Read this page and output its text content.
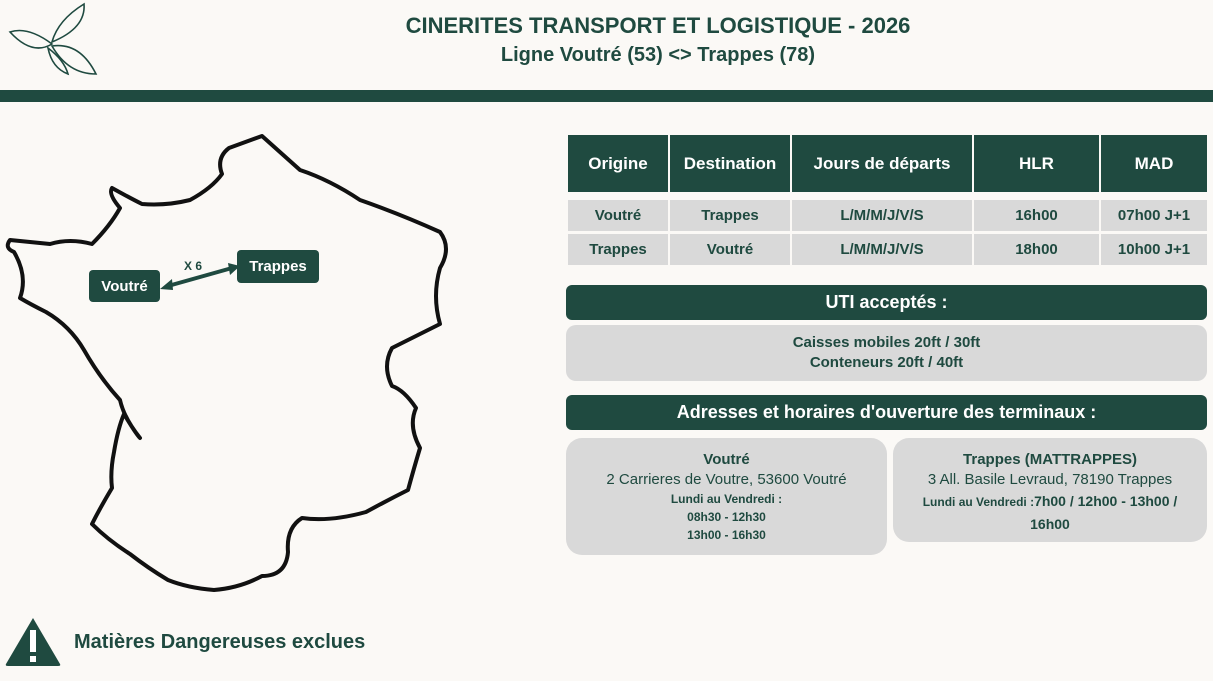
CINERITES TRANSPORT ET LOGISTIQUE - 2026
Ligne Voutré (53) <> Trappes (78)
X 6
Voutré
Trappes
Origine	Destination	Jours de départs	HLR	MAD

Voutré	Trappes	L/M/M/J/V/S	16h00	07h00 J+1

Trappes	Voutré	L/M/M/J/V/S	18h00	10h00 J+1
UTI acceptés :
Caisses mobiles 20ft / 30ft
Conteneurs 20ft / 40ft
Adresses et horaires d'ouverture des terminaux :
Voutré
2 Carrieres de Voutre, 53600 Voutré
Lundi au Vendredi :
08h30 - 12h30
13h00 - 16h30
Trappes (MATTRAPPES)
3 All. Basile Levraud, 78190 Trappes
Lundi au Vendredi :7h00 / 12h00 - 13h00 / 16h00
Matières Dangereuses exclues
